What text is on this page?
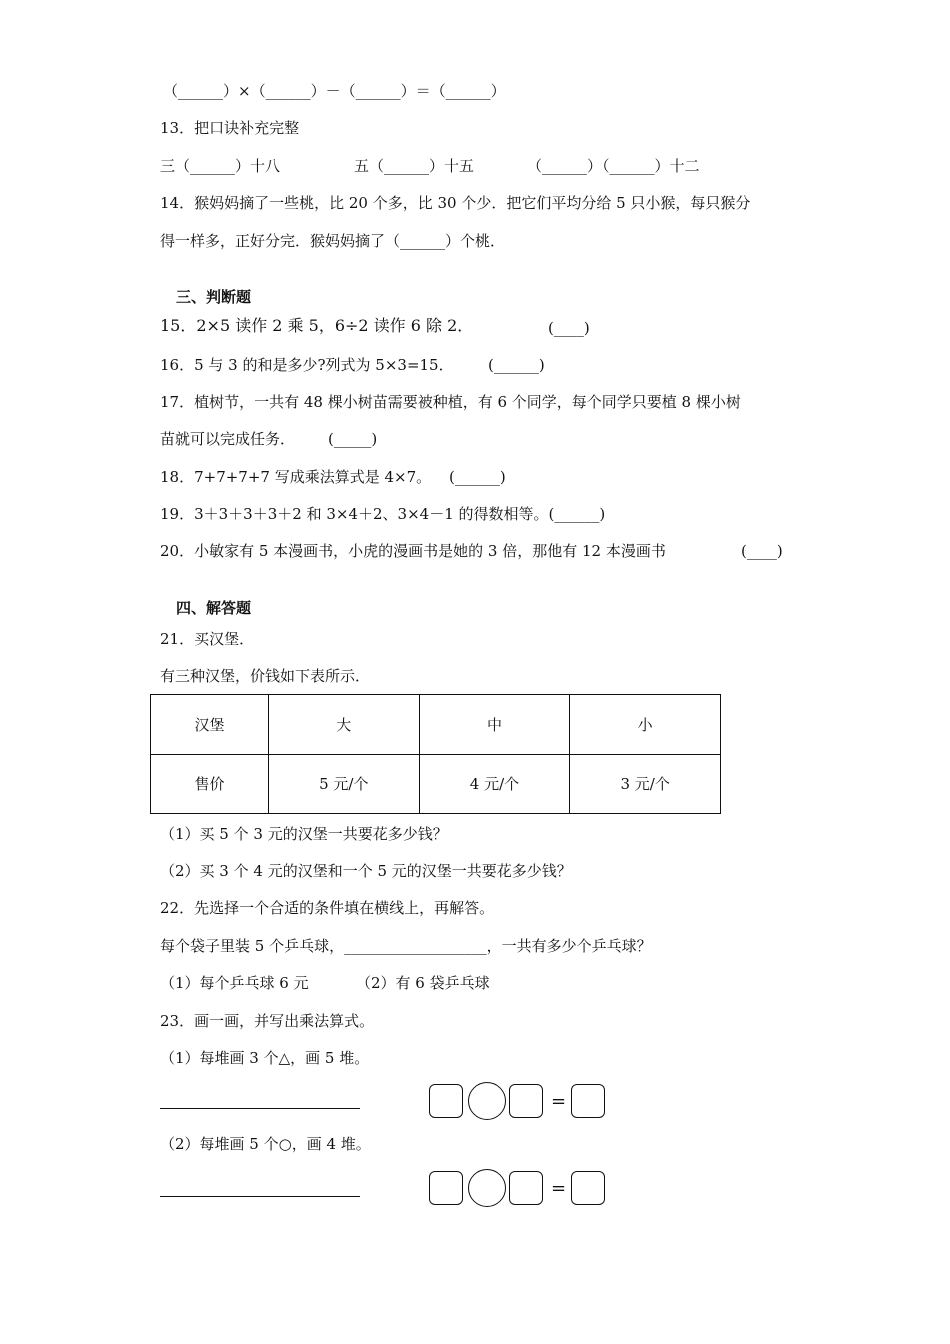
（______）×（______）－（______）＝（______）
13．把口诀补充完整
三（______）十八	五（______）十五	（______）（______）十二
14．猴妈妈摘了一些桃，比 20 个多，比 30 个少．把它们平均分给 5 只小猴，每只猴分
得一样多，正好分完．猴妈妈摘了（______）个桃．
三、判断题
15．2×5 读作 2 乘 5，6÷2 读作 6 除 2．	(____)
16．5 与 3 的和是多少?列式为 5×3=15． (______)
17．植树节，一共有 48 棵小树苗需要被种植，有 6 个同学，每个同学只要植 8 棵小树
苗就可以完成任务． (_____)
18．7+7+7+7 写成乘法算式是 4×7。 (______)
19．3＋3＋3＋3＋2 和 3×4＋2、3×4－1 的得数相等。(______)
20．小敏家有 5 本漫画书，小虎的漫画书是她的 3 倍，那他有 12 本漫画书	(____)
四、解答题
21．买汉堡．
有三种汉堡，价钱如下表所示．
汉堡	大	中	小
售价	5 元/个	4 元/个	3 元/个
（1）买 5 个 3 元的汉堡一共要花多少钱？
（2）买 3 个 4 元的汉堡和一个 5 元的汉堡一共要花多少钱？
22．先选择一个合适的条件填在横线上，再解答。
每个袋子里装 5 个乒乓球，___________________，一共有多少个乒乓球？
（1）每个乒乓球 6 元	（2）有 6 袋乒乓球
23．画一画，并写出乘法算式。
（1）每堆画 3 个△，画 5 堆。
=
（2）每堆画 5 个○，画 4 堆。
=
